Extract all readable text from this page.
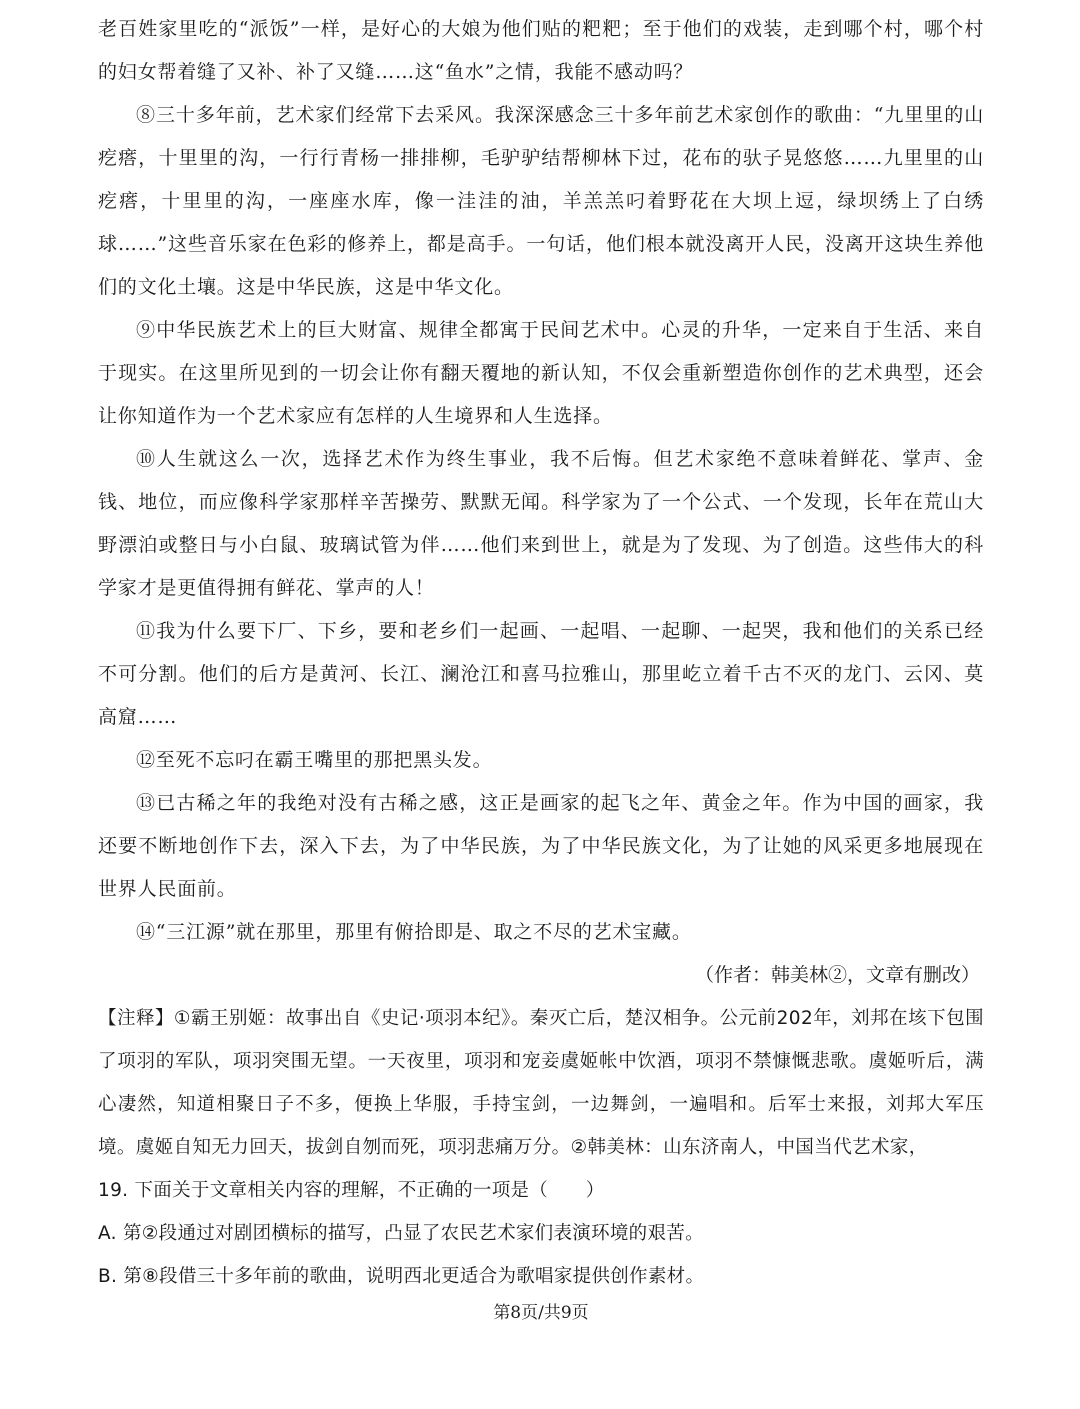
老百姓家里吃的“派饭”一样，是好心的大娘为他们贴的粑粑；至于他们的戏装，走到哪个村，哪个村的妇女帮着缝了又补、补了又缝……这“鱼水”之情，我能不感动吗？

⑧三十多年前，艺术家们经常下去采风。我深深感念三十多年前艺术家创作的歌曲：“九里里的山疙瘩，十里里的沟，一行行青杨一排排柳，毛驴驴结帮柳林下过，花布的驮子晃悠悠……九里里的山疙瘩，十里里的沟，一座座水库，像一洼洼的油，羊羔羔叼着野花在大坝上逗，绿坝绣上了白绣球……”这些音乐家在色彩的修养上，都是高手。一句话，他们根本就没离开人民，没离开这块生养他们的文化土壤。这是中华民族，这是中华文化。

⑨中华民族艺术上的巨大财富、规律全都寓于民间艺术中。心灵的升华，一定来自于生活、来自于现实。在这里所见到的一切会让你有翻天覆地的新认知，不仅会重新塑造你创作的艺术典型，还会让你知道作为一个艺术家应有怎样的人生境界和人生选择。

⑩人生就这么一次，选择艺术作为终生事业，我不后悔。但艺术家绝不意味着鲜花、掌声、金钱、地位，而应像科学家那样辛苦操劳、默默无闻。科学家为了一个公式、一个发现，长年在荒山大野漂泊或整日与小白鼠、玻璃试管为伴……他们来到世上，就是为了发现、为了创造。这些伟大的科学家才是更值得拥有鲜花、掌声的人！

⑪我为什么要下厂、下乡，要和老乡们一起画、一起唱、一起聊、一起哭，我和他们的关系已经不可分割。他们的后方是黄河、长江、澜沧江和喜马拉雅山，那里屹立着千古不灭的龙门、云冈、莫高窟……

⑫至死不忘叼在霸王嘴里的那把黑头发。

⑬已古稀之年的我绝对没有古稀之感，这正是画家的起飞之年、黄金之年。作为中国的画家，我还要不断地创作下去，深入下去，为了中华民族，为了中华民族文化，为了让她的风采更多地展现在世界人民面前。

⑭“三江源”就在那里，那里有俯拾即是、取之不尽的艺术宝藏。

（作者：韩美林②，文章有删改）

【注释】①霸王别姬：故事出自《史记·项羽本纪》。秦灭亡后，楚汉相争。公元前202年，刘邦在垓下包围了项羽的军队，项羽突围无望。一天夜里，项羽和宠妾虞姬帐中饮酒，项羽不禁慷慨悲歌。虞姬听后，满心凄然，知道相聚日子不多，便换上华服，手持宝剑，一边舞剑，一遍唱和。后军士来报，刘邦大军压境。虞姬自知无力回天，拔剑自刎而死，项羽悲痛万分。②韩美林：山东济南人，中国当代艺术家，

19. 下面关于文章相关内容的理解，不正确的一项是（　　）

A. 第②段通过对剧团横标的描写，凸显了农民艺术家们表演环境的艰苦。

B. 第⑧段借三十多年前的歌曲，说明西北更适合为歌唱家提供创作素材。

第8页/共9页
